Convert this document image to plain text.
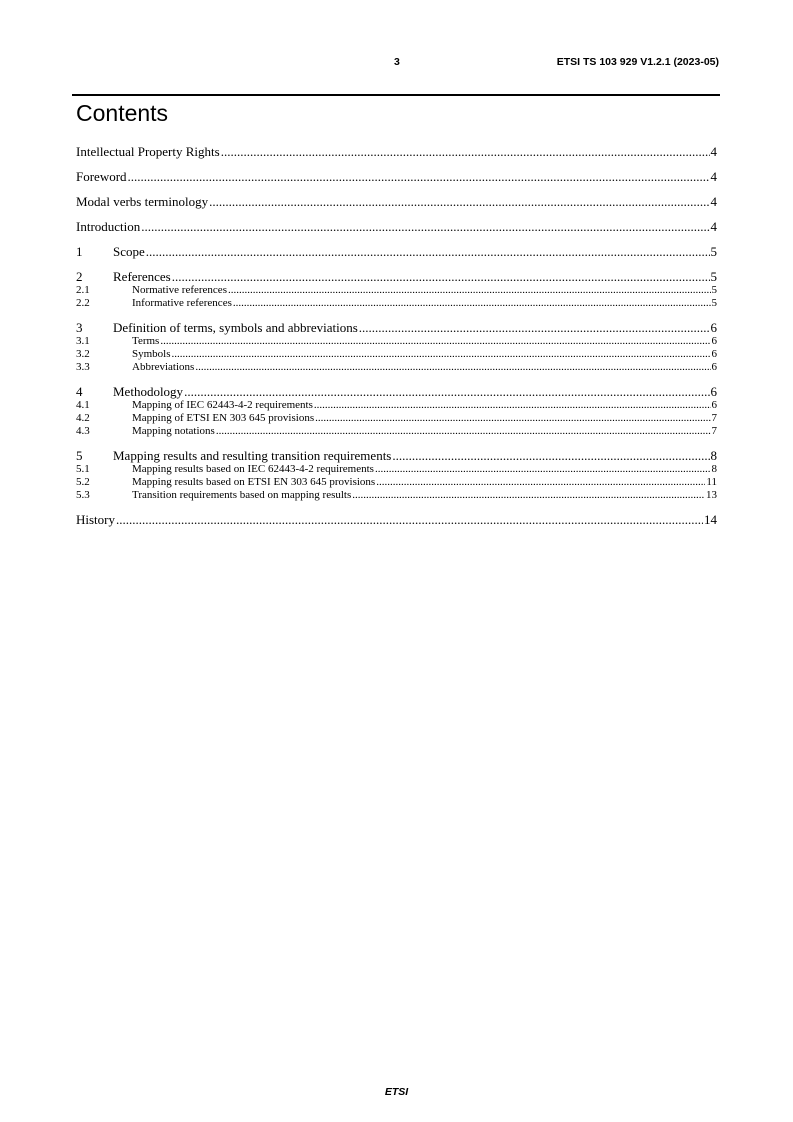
3	ETSI TS 103 929 V1.2.1 (2023-05)
Contents
Intellectual Property Rights .....	4
Foreword .....	4
Modal verbs terminology .....	4
Introduction .....	4
1	Scope .....	5
2	References .....	5
2.1	Normative references .....	5
2.2	Informative references .....	5
3	Definition of terms, symbols and abbreviations .....	6
3.1	Terms .....	6
3.2	Symbols .....	6
3.3	Abbreviations .....	6
4	Methodology .....	6
4.1	Mapping of IEC 62443-4-2 requirements .....	6
4.2	Mapping of ETSI EN 303 645 provisions .....	7
4.3	Mapping notations .....	7
5	Mapping results and resulting transition requirements .....	8
5.1	Mapping results based on IEC 62443-4-2 requirements .....	8
5.2	Mapping results based on ETSI EN 303 645 provisions .....	11
5.3	Transition requirements based on mapping results .....	13
History .....	14
ETSI
